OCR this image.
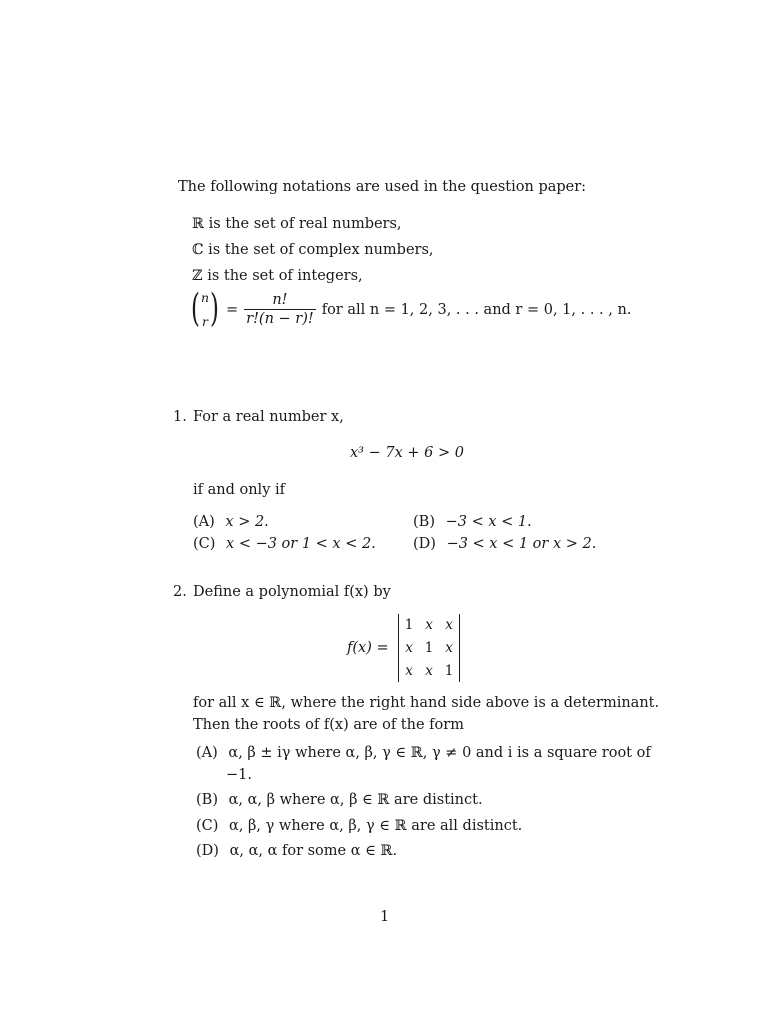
The following notations are used in the question paper:
ℝ is the set of real numbers,
ℂ is the set of complex numbers,
ℤ is the set of integers,
( n
r ) = $\frac{n!}{r!(n - r)!}$ for all n = 1, 2, 3, . . . and r = 0, 1, . . . , n.
1. For a real number x,
x³ − 7x + 6 > 0
if and only if
(A) x > 2.	(B) −3 < x < 1.
(C) x < −3 or 1 < x < 2.	(D) −3 < x < 1 or x > 2.
2. Define a polynomial f(x) by
f(x) =
1	x	x
x	1	x
x	x	1
for all x ∈ ℝ, where the right hand side above is a determinant.
Then the roots of f(x) are of the form
(A) α, β ± iγ where α, β, γ ∈ ℝ, γ ≠ 0 and i is a square root of
−1.
(B) α, α, β where α, β ∈ ℝ are distinct.
(C) α, β, γ where α, β, γ ∈ ℝ are all distinct.
(D) α, α, α for some α ∈ ℝ.
1
